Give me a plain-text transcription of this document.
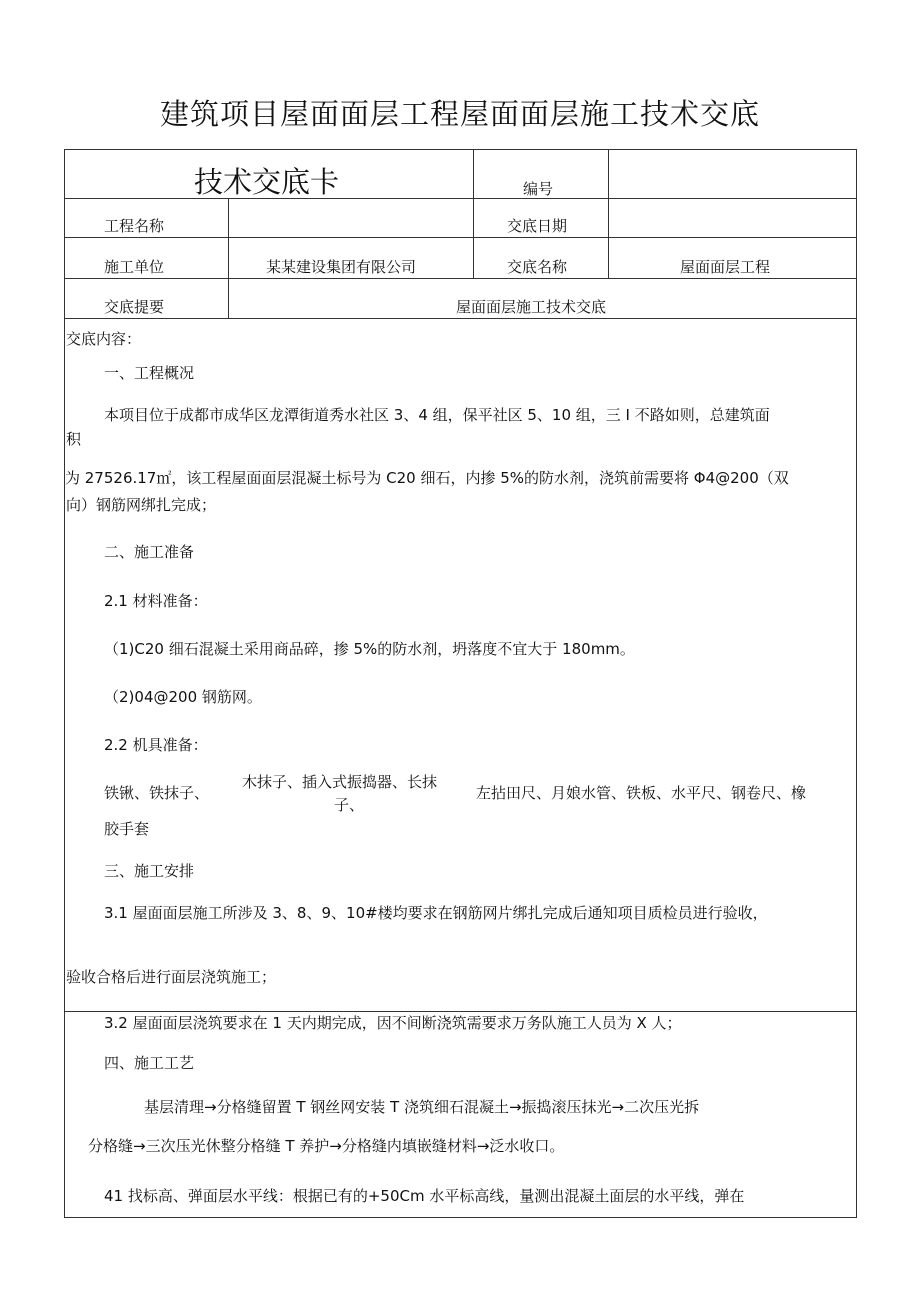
建筑项目屋面面层工程屋面面层施工技术交底
技术交底卡	编号
工程名称	交底日期
施工单位	某某建设集团有限公司	交底名称	屋面面层工程
交底提要	屋面面层施工技术交底
交底内容：
一、工程概况
本项目位于成都市成华区龙潭街道秀水社区 3、4 组，保平社区 5、10 组，三 I 不路如则，总建筑面
积
为 27526.17㎡，该工程屋面面层混凝土标号为 C20 细石，内掺 5%的防水剂，浇筑前需要将 Φ4@200（双
向）钢筋网绑扎完成；
二、施工准备
2.1 材料准备：
（1)C20 细石混凝土采用商品碎，掺 5%的防水剂，坍落度不宜大于 180mm。
（2)04@200 钢筋网。
2.2 机具准备：
铁锹、铁抹子、
木抹子、插入式振捣器、长抹
子、
左拈田尺、月娘水管、铁板、水平尺、钢卷尺、橡
胶手套
三、施工安排
3.1 屋面面层施工所涉及 3、8、9、10#楼均要求在钢筋网片绑扎完成后通知项目质检员进行验收，
验收合格后进行面层浇筑施工；
3.2 屋面面层浇筑要求在 1 天内期完成，因不间断浇筑需要求万务队施工人员为 X 人；
四、施工工艺
基层清理→分格缝留置 T 钢丝网安装 T 浇筑细石混凝土→振捣滚压抹光→二次压光拆
分格缝→三次压光休整分格缝 T 养护→分格缝内填嵌缝材料→泛水收口。
41 找标高、弹面层水平线：根据已有的+50Cm 水平标高线，量测出混凝土面层的水平线，弹在
